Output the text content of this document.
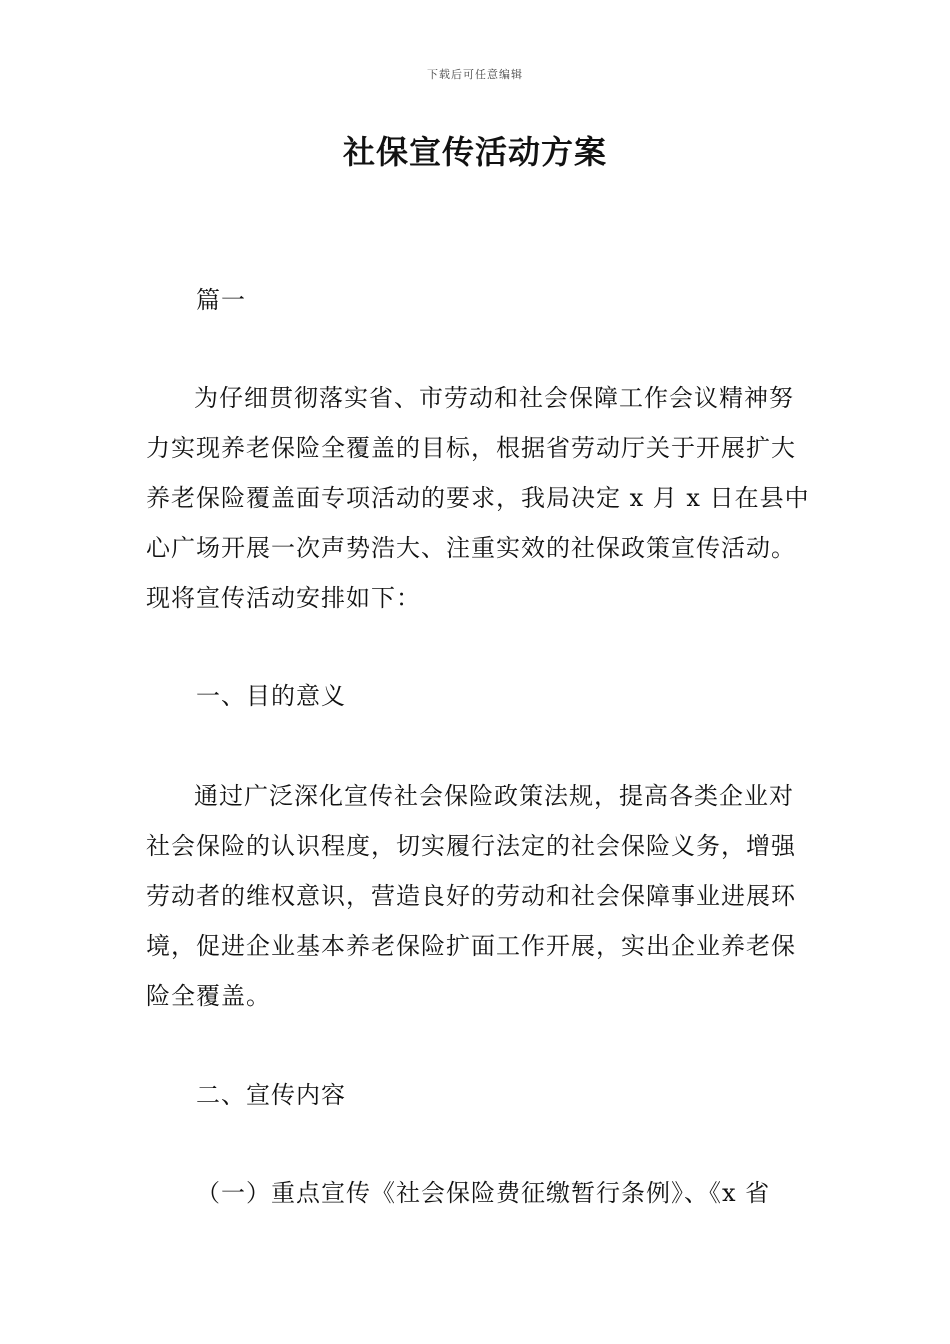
下载后可任意编辑
社保宣传活动方案

篇一

为仔细贯彻落实省、市劳动和社会保障工作会议精神努力实现养老保险全覆盖的目标，根据省劳动厅关于开展扩大养老保险覆盖面专项活动的要求，我局决定 x 月 x 日在县中心广场开展一次声势浩大、注重实效的社保政策宣传活动。现将宣传活动安排如下：

一、目的意义

通过广泛深化宣传社会保险政策法规，提高各类企业对社会保险的认识程度，切实履行法定的社会保险义务，增强劳动者的维权意识，营造良好的劳动和社会保障事业进展环境，促进企业基本养老保险扩面工作开展，实出企业养老保险全覆盖。

二、宣传内容

（一）重点宣传《社会保险费征缴暂行条例》、《x 省
